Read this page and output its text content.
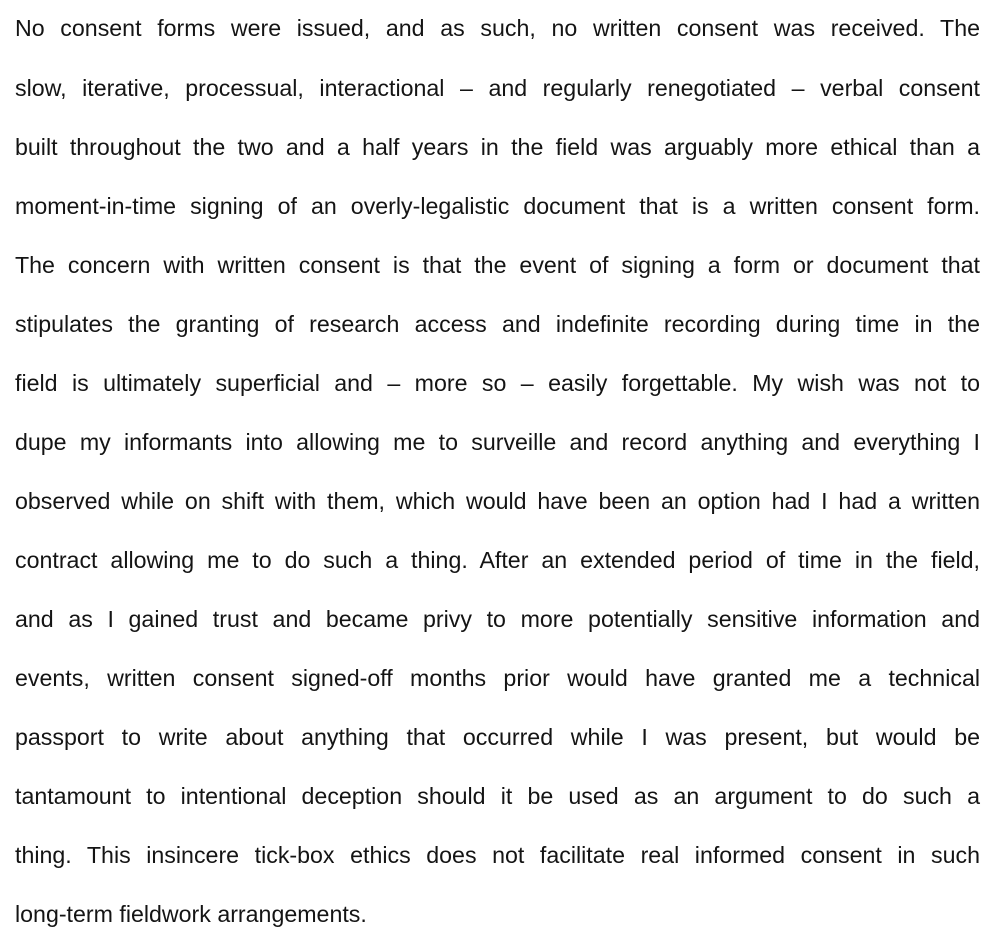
No consent forms were issued, and as such, no written consent was received. The
slow, iterative, processual, interactional – and regularly renegotiated – verbal consent
built throughout the two and a half years in the field was arguably more ethical than a
moment-in-time signing of an overly-legalistic document that is a written consent form.
The concern with written consent is that the event of signing a form or document that
stipulates the granting of research access and indefinite recording during time in the
field is ultimately superficial and – more so – easily forgettable. My wish was not to
dupe my informants into allowing me to surveille and record anything and everything I
observed while on shift with them, which would have been an option had I had a written
contract allowing me to do such a thing. After an extended period of time in the field,
and as I gained trust and became privy to more potentially sensitive information and
events, written consent signed-off months prior would have granted me a technical
passport to write about anything that occurred while I was present, but would be
tantamount to intentional deception should it be used as an argument to do such a
thing. This insincere tick-box ethics does not facilitate real informed consent in such
long-term fieldwork arrangements.
